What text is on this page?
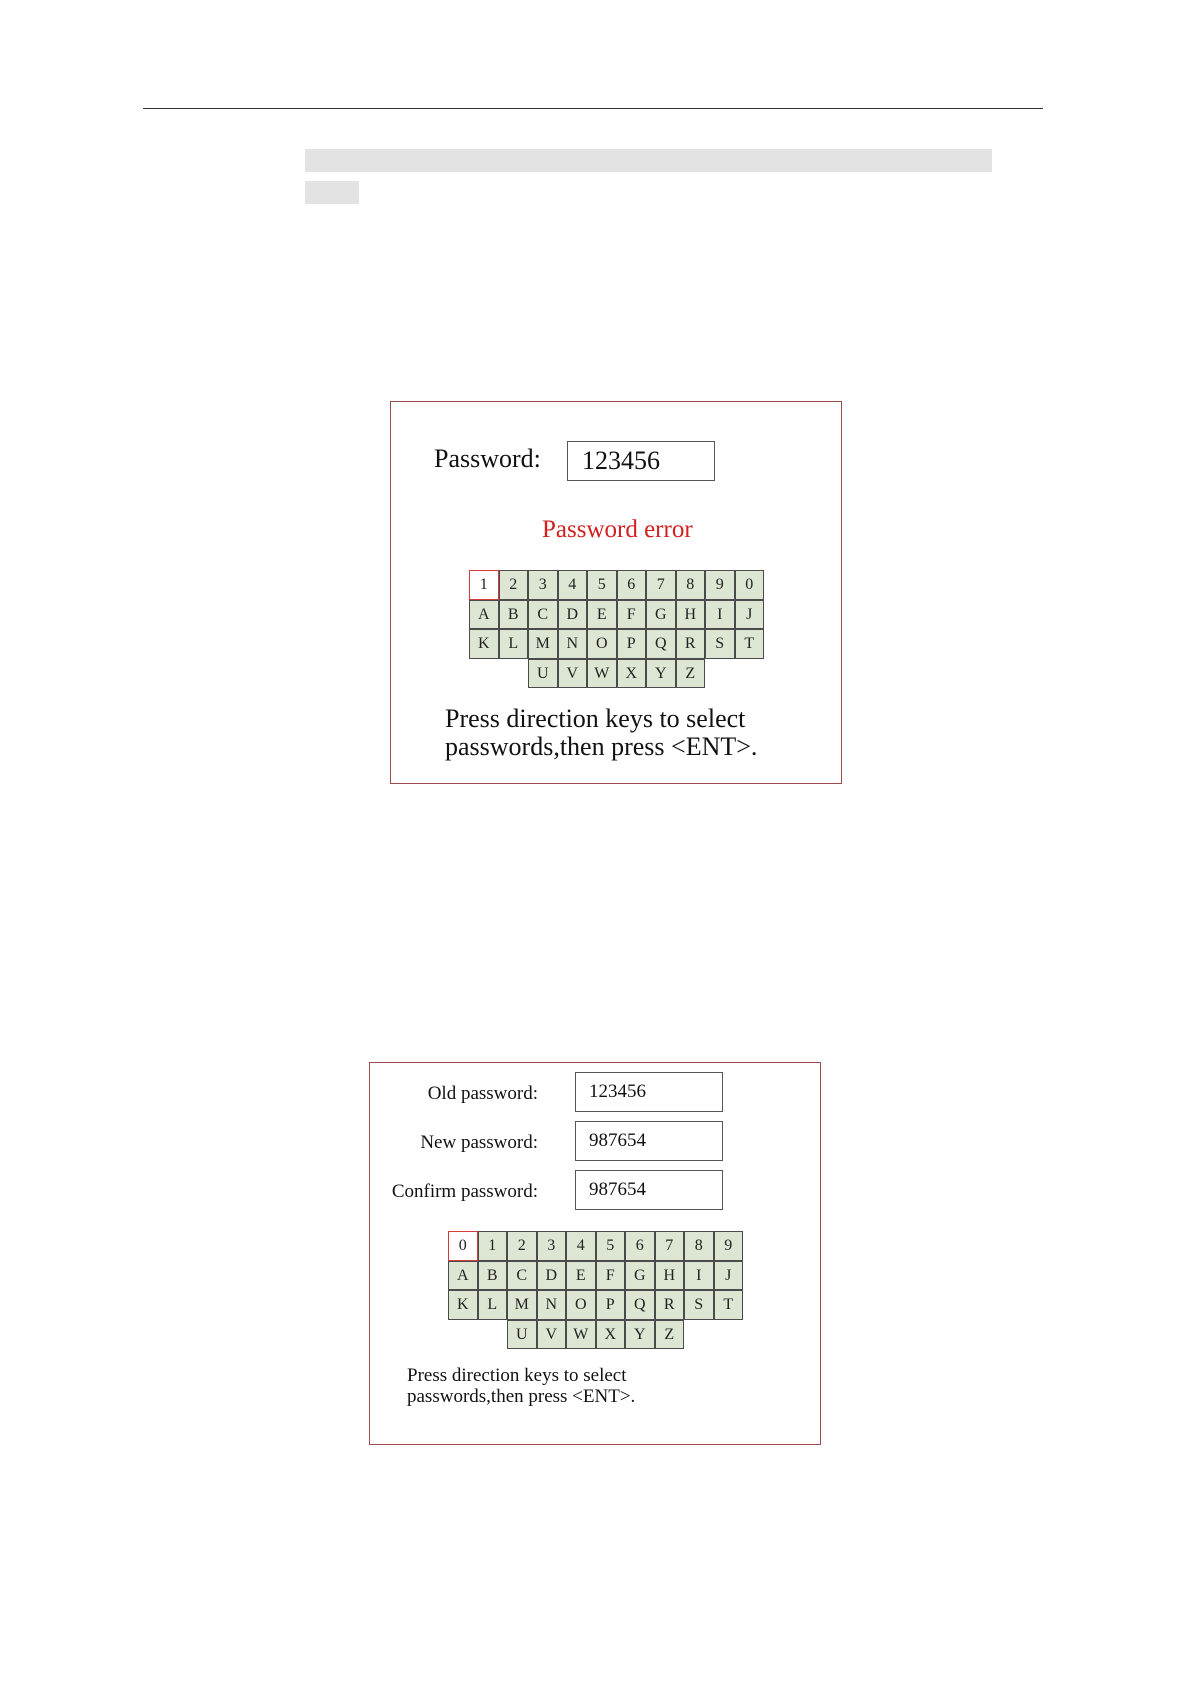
Password: 123456
Password error
1	2	3	4	5	6	7	8	9	0
A	B	C	D	E	F	G	H	I	J
K	L	M	N	O	P	Q	R	S	T
U	V	W	X	Y	Z
Press direction keys to select
passwords,then press <ENT>.
Old password:	123456
New password:	987654
Confirm password:	987654
0	1	2	3	4	5	6	7	8	9
A	B	C	D	E	F	G	H	I	J
K	L	M	N	O	P	Q	R	S	T
U	V	W	X	Y	Z
Press direction keys to select
passwords,then press <ENT>.
